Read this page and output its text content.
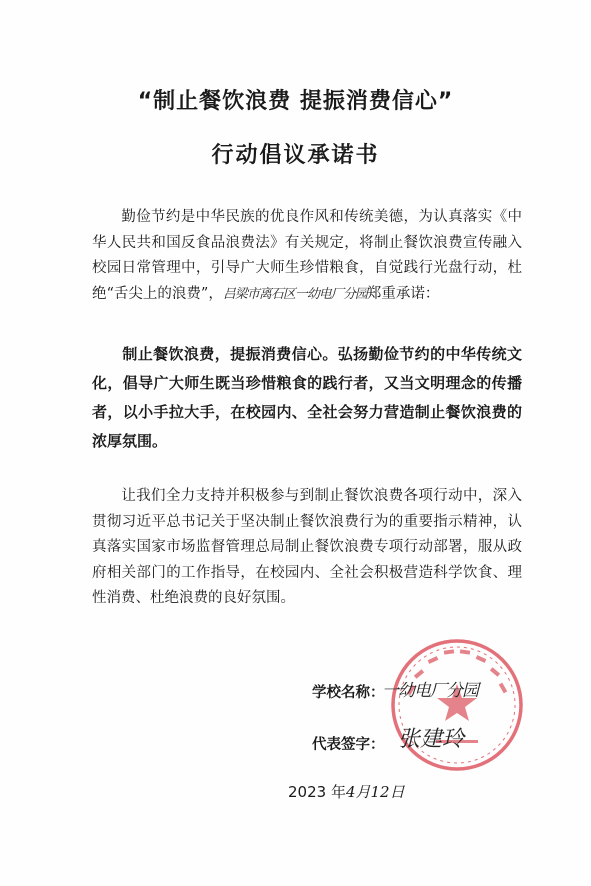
“制止餐饮浪费 提振消费信心”
行动倡议承诺书
勤俭节约是中华民族的优良作风和传统美德，为认真落实《中华人民共和国反食品浪费法》有关规定，将制止餐饮浪费宣传融入校园日常管理中，引导广大师生珍惜粮食，自觉践行光盘行动，杜绝“舌尖上的浪费”，吕梁市离石区一幼电厂分园郑重承诺：
制止餐饮浪费，提振消费信心。弘扬勤俭节约的中华传统文化，倡导广大师生既当珍惜粮食的践行者，又当文明理念的传播者，以小手拉大手，在校园内、全社会努力营造制止餐饮浪费的浓厚氛围。
让我们全力支持并积极参与到制止餐饮浪费各项行动中，深入贯彻习近平总书记关于坚决制止餐饮浪费行为的重要指示精神，认真落实国家市场监督管理总局制止餐饮浪费专项行动部署，服从政府相关部门的工作指导，在校园内、全社会积极营造科学饮食、理性消费、杜绝浪费的良好氛围。
学校名称：
一幼电厂分园
代表签字： 张建玲
2023 年4月12日
